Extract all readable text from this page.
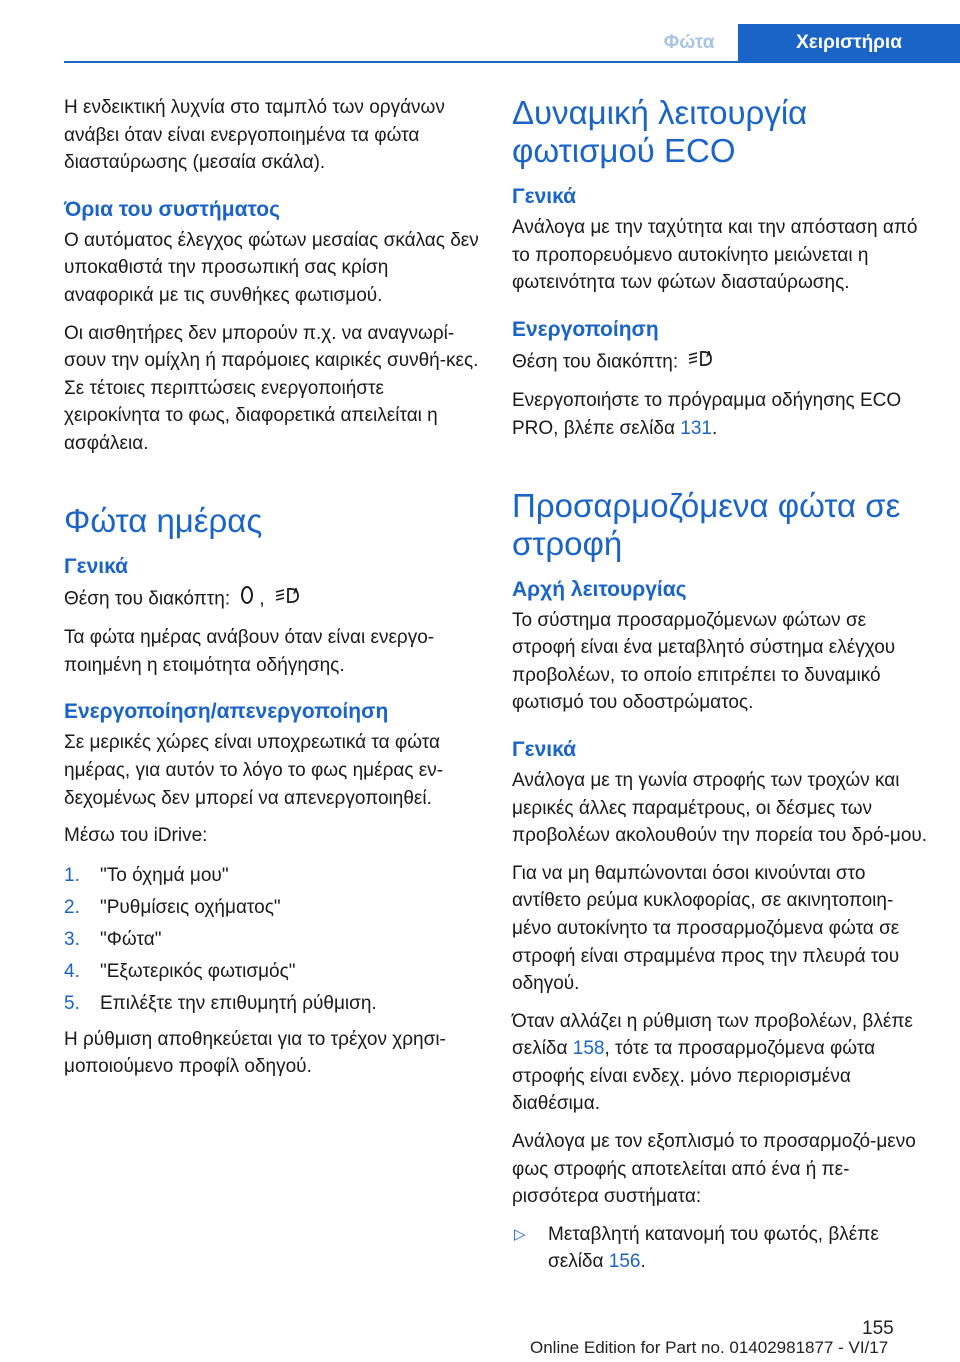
Φώτα	Χειριστήρια

Η ενδεικτική λυχνία στο ταμπλό των οργάνων ανάβει όταν είναι ενεργοποιημένα τα φώτα διασταύρωσης (μεσαία σκάλα).

Όρια του συστήματος

Ο αυτόματος έλεγχος φώτων μεσαίας σκάλας δεν υποκαθιστά την προσωπική σας κρίση αναφορικά με τις συνθήκες φωτισμού.

Οι αισθητήρες δεν μπορούν π.χ. να αναγνωρί‐σουν την ομίχλη ή παρόμοιες καιρικές συνθή‐κες. Σε τέτοιες περιπτώσεις ενεργοποιήστε χειροκίνητα το φως, διαφορετικά απειλείται η ασφάλεια.

Φώτα ημέρας
Γενικά

Θέση του διακόπτη: ,	A

Τα φώτα ημέρας ανάβουν όταν είναι ενεργο‐ποιημένη η ετοιμότητα οδήγησης.

Ενεργοποίηση/απενεργοποίηση

Σε μερικές χώρες είναι υποχρεωτικά τα φώτα ημέρας, για αυτόν το λόγο το φως ημέρας εν‐δεχομένως δεν μπορεί να απενεργοποιηθεί.

Μέσω του iDrive:

1. "Το όχημά μου"
2. "Ρυθμίσεις οχήματος"
3. "Φώτα"
4. "Εξωτερικός φωτισμός"
5. Επιλέξτε την επιθυμητή ρύθμιση.

Η ρύθμιση αποθηκεύεται για το τρέχον χρησι‐μοποιούμενο προφίλ οδηγού.

Δυναμική λειτουργία φωτισμού ECO
Γενικά

Ανάλογα με την ταχύτητα και την απόσταση από το προπορευόμενο αυτοκίνητο μειώνεται η φωτεινότητα των φώτων διασταύρωσης.

Ενεργοποίηση

Θέση του διακόπτη:	A

Ενεργοποιήστε το πρόγραμμα οδήγησης ECO PRO, βλέπε σελίδα 131.

Προσαρμοζόμενα φώτα σε στροφή
Αρχή λειτουργίας

Το σύστημα προσαρμοζόμενων φώτων σε στροφή είναι ένα μεταβλητό σύστημα ελέγχου προβολέων, το οποίο επιτρέπει το δυναμικό φωτισμό του οδοστρώματος.

Γενικά

Ανάλογα με τη γωνία στροφής των τροχών και μερικές άλλες παραμέτρους, οι δέσμες των προβολέων ακολουθούν την πορεία του δρό‐μου.

Για να μη θαμπώνονται όσοι κινούνται στο αντίθετο ρεύμα κυκλοφορίας, σε ακινητοποιη‐μένο αυτοκίνητο τα προσαρμοζόμενα φώτα σε στροφή είναι στραμμένα προς την πλευρά του οδηγού.

Όταν αλλάζει η ρύθμιση των προβολέων, βλέπε σελίδα 158, τότε τα προσαρμοζόμενα φώτα στροφής είναι ενδεχ. μόνο περιορισμένα διαθέσιμα.

Ανάλογα με τον εξοπλισμό το προσαρμοζό‐μενο φως στροφής αποτελείται από ένα ή πε‐ρισσότερα συστήματα:

▷ Μεταβλητή κατανομή του φωτός, βλέπε σελίδα 156.
155
Online Edition for Part no. 01402981877 - VI/17
